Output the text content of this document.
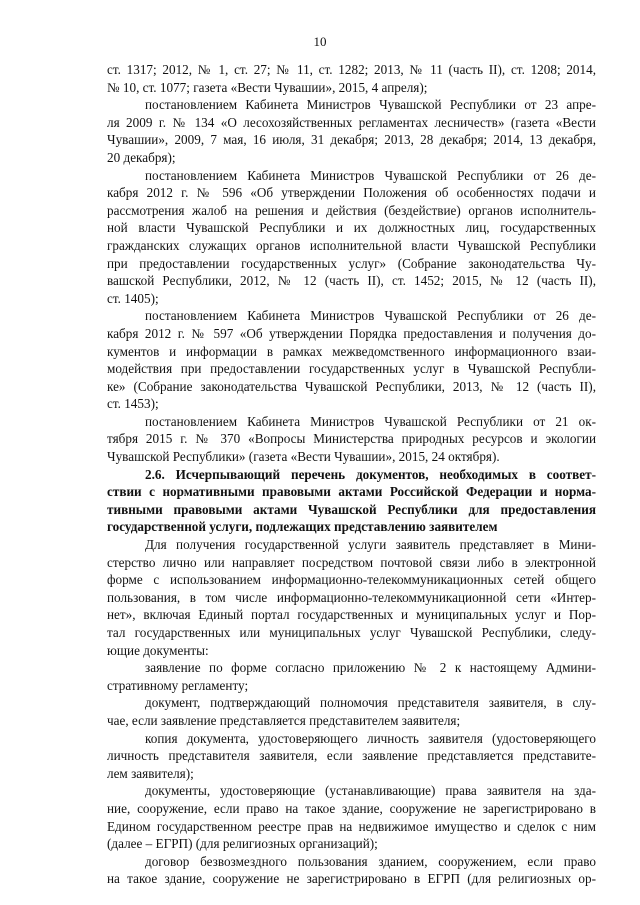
10
ст. 1317; 2012, № 1, ст. 27; № 11, ст. 1282; 2013, № 11 (часть II), ст. 1208; 2014,
№ 10, ст. 1077; газета «Вести Чувашии», 2015, 4 апреля);
постановлением Кабинета Министров Чувашской Республики от 23 апре-
ля 2009 г. № 134 «О лесохозяйственных регламентах лесничеств» (газета «Вести
Чувашии», 2009, 7 мая, 16 июля, 31 декабря; 2013, 28 декабря; 2014, 13 декабря,
20 декабря);
постановлением Кабинета Министров Чувашской Республики от 26 де-
кабря 2012 г. № 596 «Об утверждении Положения об особенностях подачи и
рассмотрения жалоб на решения и действия (бездействие) органов исполнитель-
ной власти Чувашской Республики и их должностных лиц, государственных
гражданских служащих органов исполнительной власти Чувашской Республики
при предоставлении государственных услуг» (Собрание законодательства Чу-
вашской Республики, 2012, № 12 (часть II), ст. 1452; 2015, № 12 (часть II),
ст. 1405);
постановлением Кабинета Министров Чувашской Республики от 26 де-
кабря 2012 г. № 597 «Об утверждении Порядка предоставления и получения до-
кументов и информации в рамках межведомственного информационного взаи-
модействия при предоставлении государственных услуг в Чувашской Республи-
ке» (Собрание законодательства Чувашской Республики, 2013, № 12 (часть II),
ст. 1453);
постановлением Кабинета Министров Чувашской Республики от 21 ок-
тября 2015 г. № 370 «Вопросы Министерства природных ресурсов и экологии
Чувашской Республики» (газета «Вести Чувашии», 2015, 24 октября).
2.6. Исчерпывающий перечень документов, необходимых в соответ-
ствии с нормативными правовыми актами Российской Федерации и норма-
тивными правовыми актами Чувашской Республики для предоставления
государственной услуги, подлежащих представлению заявителем
Для получения государственной услуги заявитель представляет в Мини-
стерство лично или направляет посредством почтовой связи либо в электронной
форме с использованием информационно-телекоммуникационных сетей общего
пользования, в том числе информационно-телекоммуникационной сети «Интер-
нет», включая Единый портал государственных и муниципальных услуг и Пор-
тал государственных или муниципальных услуг Чувашской Республики, следу-
ющие документы:
заявление по форме согласно приложению № 2 к настоящему Админи-
стративному регламенту;
документ, подтверждающий полномочия представителя заявителя, в слу-
чае, если заявление представляется представителем заявителя;
копия документа, удостоверяющего личность заявителя (удостоверяющего
личность представителя заявителя, если заявление представляется представите-
лем заявителя);
документы, удостоверяющие (устанавливающие) права заявителя на зда-
ние, сооружение, если право на такое здание, сооружение не зарегистрировано в
Едином государственном реестре прав на недвижимое имущество и сделок с ним
(далее – ЕГРП) (для религиозных организаций);
договор безвозмездного пользования зданием, сооружением, если право
на такое здание, сооружение не зарегистрировано в ЕГРП (для религиозных ор-
